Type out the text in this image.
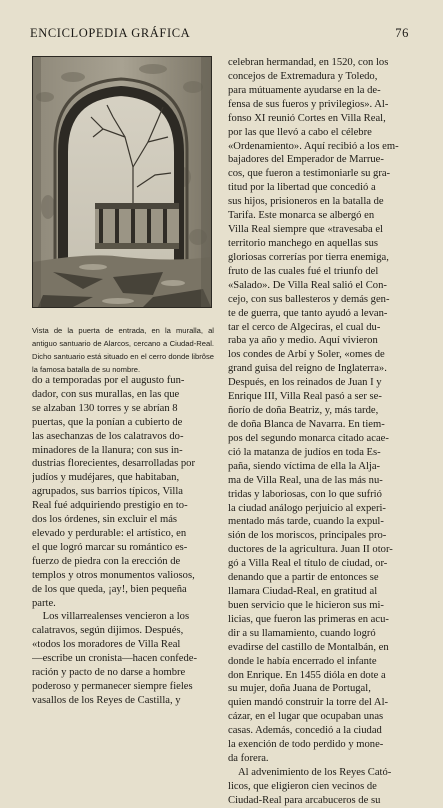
ENCICLOPEDIA GRÁFICA	76

Vista de la puerta de entrada, en la muralla, al antiguo santuario de Alarcos, cercano a Ciudad-Real. Dicho santuario está situado en el cerro donde librôse la famosa batalla de su nombre.

do a temporadas por el augusto fun-
dador, con sus murallas, en las que
se alzaban 130 torres y se abrían 8
puertas, que la ponían a cubierto de
las asechanzas de los calatravos do-
minadores de la llanura; con sus in-
dustrias florecientes, desarrolladas por
judíos y mudéjares, que habitaban,
agrupados, sus barrios típicos, Villa
Real fué adquiriendo prestigio en to-
dos los órdenes, sin excluir el más
elevado y perdurable: el artístico, en
el que logró marcar su romántico es-
fuerzo de piedra con la erección de
templos y otros monumentos valiosos,
de los que queda, ¡ay!, bien pequeña
parte.
Los villarrealenses vencieron a los
calatravos, según dijimos. Después,
«todos los moradores de Villa Real
—escribe un cronista—hacen confede-
ración y pacto de no darse a hombre
poderoso y permanecer siempre fieles
vasallos de los Reyes de Castilla, y
celebran hermandad, en 1520, con los
concejos de Extremadura y Toledo,
para mútuamente ayudarse en la de-
fensa de sus fueros y privilegios». Al-
fonso XI reunió Cortes en Villa Real,
por las que llevó a cabo el célebre
«Ordenamiento». Aquí recibió a los em-
bajadores del Emperador de Marrue-
cos, que fueron a testimoniarle su gra-
titud por la libertad que concedió a
sus hijos, prisioneros en la batalla de
Tarifa. Este monarca se albergó en
Villa Real siempre que «travesaba el
territorio manchego en aquellas sus
gloriosas correrías por tierra enemiga,
fruto de las cuales fué el triunfo del
«Salado». De Villa Real salió el Con-
cejo, con sus ballesteros y demás gen-
te de guerra, que tanto ayudó a levan-
tar el cerco de Algeciras, el cual du-
raba ya año y medio. Aquí vivieron
los condes de Arbí y Soler, «omes de
grand guisa del reigno de Inglaterra».
Después, en los reinados de Juan I y
Enrique III, Villa Real pasó a ser se-
ñorío de doña Beatriz, y, más tarde,
de doña Blanca de Navarra. En tiem-
pos del segundo monarca citado acae-
ció la matanza de judíos en toda Es-
paña, siendo víctima de ella la Alja-
ma de Villa Real, una de las más nu-
tridas y laboriosas, con lo que sufrió
la ciudad análogo perjuicio al experi-
mentado más tarde, cuando la expul-
sión de los moriscos, principales pro-
ductores de la agricultura. Juan II otor-
gó a Villa Real el título de ciudad, or-
denando que a partir de entonces se
llamara Ciudad-Real, en gratitud al
buen servicio que le hicieron sus mi-
licias, que fueron las primeras en acu-
dir a su llamamiento, cuando logró
evadirse del castillo de Montalbán, en
donde le había encerrado el infante
don Enrique. En 1455 dióla en dote a
su mujer, doña Juana de Portugal,
quien mandó construir la torre del Al-
cázar, en el lugar que ocupaban unas
casas. Además, concedió a la ciudad
la exención de todo perdido y mone-
da forera.
Al advenimiento de los Reyes Cató-
licos, que eligieron cien vecinos de
Ciudad-Real para arcabuceros de su
